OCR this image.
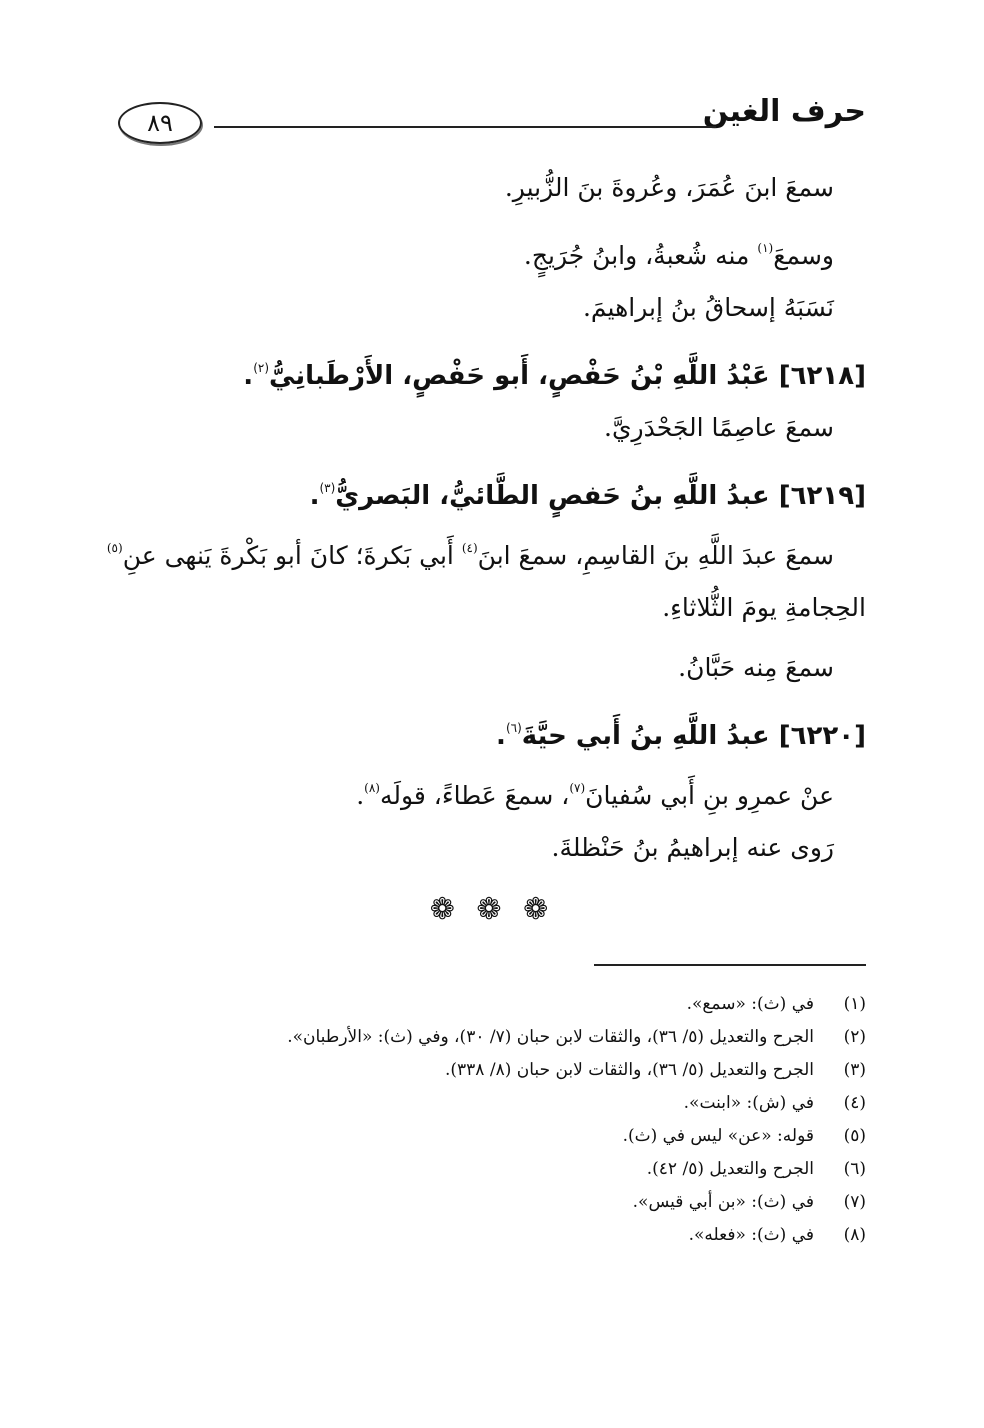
حرف الغين
٨٩
سمعَ ابنَ عُمَرَ، وعُروةَ بنَ الزُّبيرِ.
وسمعَ$^{(١)}$ منه شُعبةُ، وابنُ جُرَيجٍ.
نَسَبَهُ إسحاقُ بنُ إبراهيمَ.
[٦٢١٨] عَبْدُ اللَّهِ بْنُ حَفْصٍ، أَبو حَفْصٍ، الأَرْطَبانِيُّ$^{(٢)}$.
سمعَ عاصِمًا الجَحْدَرِيَّ.
[٦٢١٩] عبدُ اللَّهِ بنُ حَفصٍ الطَّائيُّ، البَصريُّ$^{(٣)}$.
سمعَ عبدَ اللَّهِ بنَ القاسِمِ، سمعَ ابنَ$^{(٤)}$ أَبي بَكرةَ؛ كانَ أبو بَكْرةَ يَنهى عنِ$^{(٥)}$
الحِجامةِ يومَ الثُّلاثاءِ.
سمعَ مِنه حَبَّانُ.
[٦٢٢٠] عبدُ اللَّهِ بنُ أَبي حيَّةَ$^{(٦)}$.
عنْ عمرِو بنِ أَبي سُفيانَ$^{(٧)}$، سمعَ عَطاءً، قولَه$^{(٨)}$.
رَوى عنه إبراهيمُ بنُ حَنْظلةَ.
❁ ❁ ❁
(١)
في (ث): «سمع».
(٢)
الجرح والتعديل (٥/ ٣٦)، والثقات لابن حبان (٧/ ٣٠)، وفي (ث): «الأرطبان».
(٣)
الجرح والتعديل (٥/ ٣٦)، والثقات لابن حبان (٨/ ٣٣٨).
(٤)
في (ش): «ابنت».
(٥)
قوله: «عن» ليس في (ث).
(٦)
الجرح والتعديل (٥/ ٤٢).
(٧)
في (ث): «بن أبي قيس».
(٨)
في (ث): «فعله».
